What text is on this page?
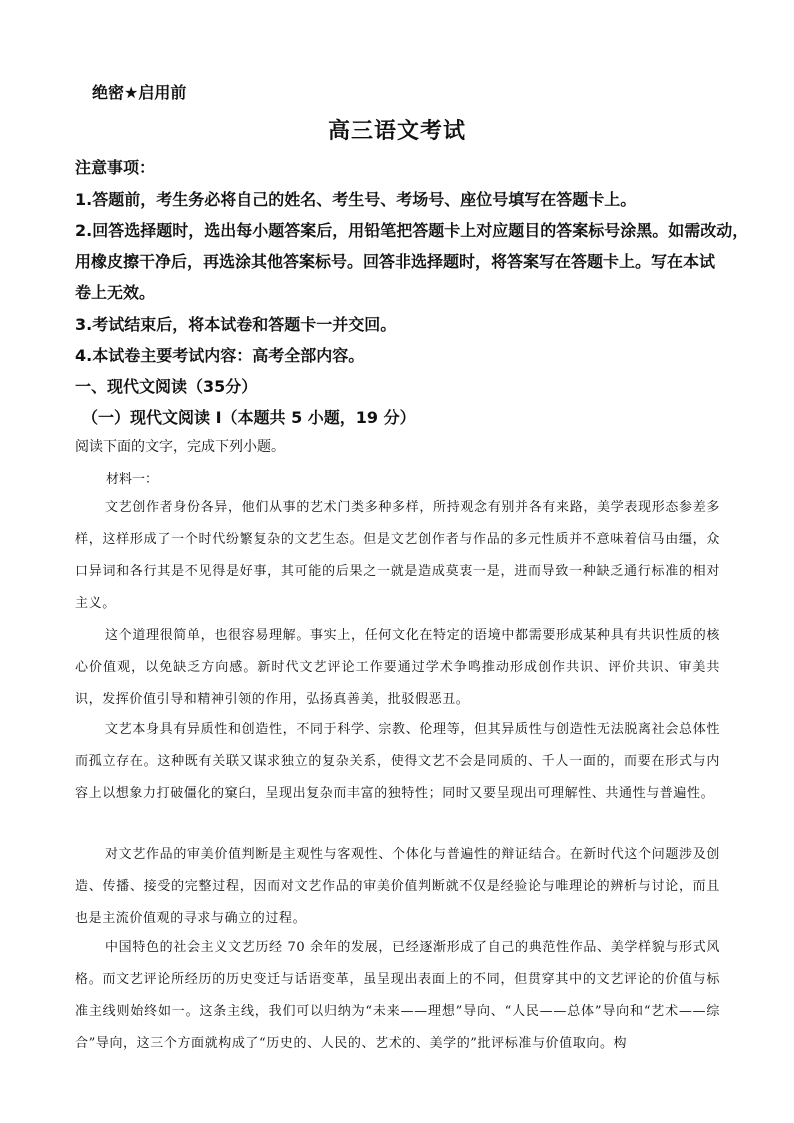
绝密★启用前
高三语文考试
注意事项：
1.答题前，考生务必将自己的姓名、考生号、考场号、座位号填写在答题卡上。
2.回答选择题时，选出每小题答案后，用铅笔把答题卡上对应题目的答案标号涂黑。如需改动，
用橡皮擦干净后，再选涂其他答案标号。回答非选择题时，将答案写在答题卡上。写在本试
卷上无效。
3.考试结束后，将本试卷和答题卡一并交回。
4.本试卷主要考试内容：高考全部内容。
一、现代文阅读（35分）
（一）现代文阅读 I（本题共 5 小题，19 分）
阅读下面的文字，完成下列小题。
材料一：
文艺创作者身份各异，他们从事的艺术门类多种多样，所持观念有别并各有来路，美学表现形态参差多样，这样形成了一个时代纷繁复杂的文艺生态。但是文艺创作者与作品的多元性质并不意味着信马由缰，众口异词和各行其是不见得是好事，其可能的后果之一就是造成莫衷一是，进而导致一种缺乏通行标准的相对主义。
这个道理很简单，也很容易理解。事实上，任何文化在特定的语境中都需要形成某种具有共识性质的核心价值观，以免缺乏方向感。新时代文艺评论工作要通过学术争鸣推动形成创作共识、评价共识、审美共识，发挥价值引导和精神引领的作用，弘扬真善美，批驳假恶丑。
文艺本身具有异质性和创造性，不同于科学、宗教、伦理等，但其异质性与创造性无法脱离社会总体性而孤立存在。这种既有关联又谋求独立的复杂关系，使得文艺不会是同质的、千人一面的，而要在形式与内容上以想象力打破僵化的窠臼，呈现出复杂而丰富的独特性；同时又要呈现出可理解性、共通性与普遍性。
对文艺作品的审美价值判断是主观性与客观性、个体化与普遍性的辩证结合。在新时代这个问题涉及创造、传播、接受的完整过程，因而对文艺作品的审美价值判断就不仅是经验论与唯理论的辨析与讨论，而且也是主流价值观的寻求与确立的过程。
中国特色的社会主义文艺历经 70 余年的发展，已经逐渐形成了自己的典范性作品、美学样貌与形式风格。而文艺评论所经历的历史变迁与话语变革，虽呈现出表面上的不同，但贯穿其中的文艺评论的价值与标准主线则始终如一。这条主线，我们可以归纳为“未来——理想”导向、“人民——总体”导向和“艺术——综合”导向，这三个方面就构成了“历史的、人民的、艺术的、美学的”批评标准与价值取向。构
